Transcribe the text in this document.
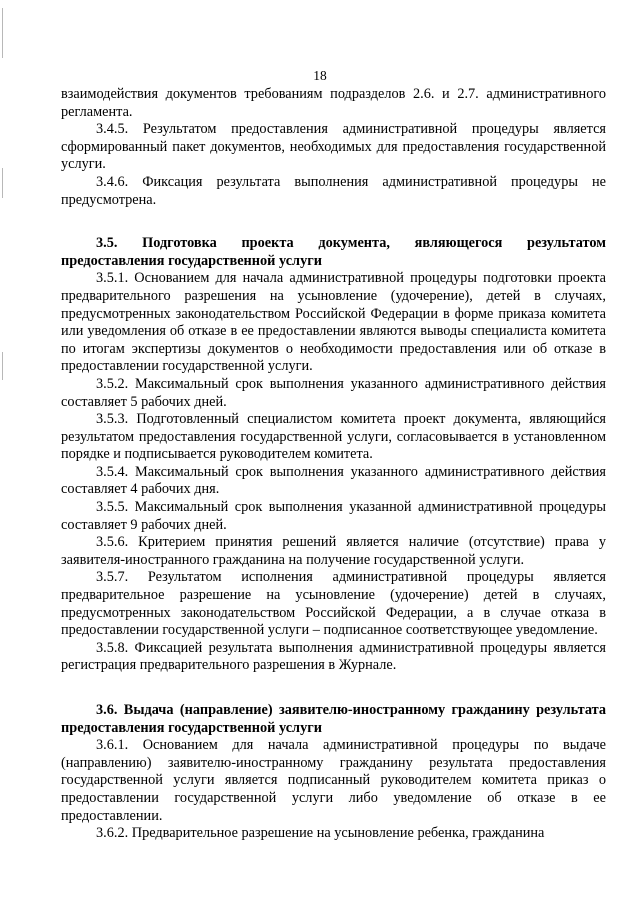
18

взаимодействия документов требованиям подразделов 2.6. и 2.7. административного регламента.

3.4.5. Результатом предоставления административной процедуры является сформированный пакет документов, необходимых для предоставления государственной услуги.

3.4.6. Фиксация результата выполнения административной процедуры не предусмотрена.

3.5. Подготовка проекта документа, являющегося результатом предоставления государственной услуги

3.5.1. Основанием для начала административной процедуры подготовки проекта предварительного разрешения на усыновление (удочерение), детей в случаях, предусмотренных законодательством Российской Федерации в форме приказа комитета или уведомления об отказе в ее предоставлении являются выводы специалиста комитета по итогам экспертизы документов о необходимости предоставления или об отказе в предоставлении государственной услуги.

3.5.2. Максимальный срок выполнения указанного административного действия составляет 5 рабочих дней.

3.5.3. Подготовленный специалистом комитета проект документа, являющийся результатом предоставления государственной услуги, согласовывается в установленном порядке и подписывается руководителем комитета.

3.5.4. Максимальный срок выполнения указанного административного действия составляет 4 рабочих дня.

3.5.5. Максимальный срок выполнения указанной административной процедуры составляет 9 рабочих дней.

3.5.6. Критерием принятия решений является наличие (отсутствие) права у заявителя-иностранного гражданина на получение государственной услуги.

3.5.7. Результатом исполнения административной процедуры является предварительное разрешение на усыновление (удочерение) детей в случаях, предусмотренных законодательством Российской Федерации, а в случае отказа в предоставлении государственной услуги – подписанное соответствующее уведомление.

3.5.8. Фиксацией результата выполнения административной процедуры является регистрация предварительного разрешения в Журнале.

3.6. Выдача (направление) заявителю-иностранному гражданину результата предоставления государственной услуги

3.6.1. Основанием для начала административной процедуры по выдаче (направлению) заявителю-иностранному гражданину результата предоставления государственной услуги является подписанный руководителем комитета приказ о предоставлении государственной услуги либо уведомление об отказе в ее предоставлении.

3.6.2. Предварительное разрешение на усыновление ребенка, гражданина
